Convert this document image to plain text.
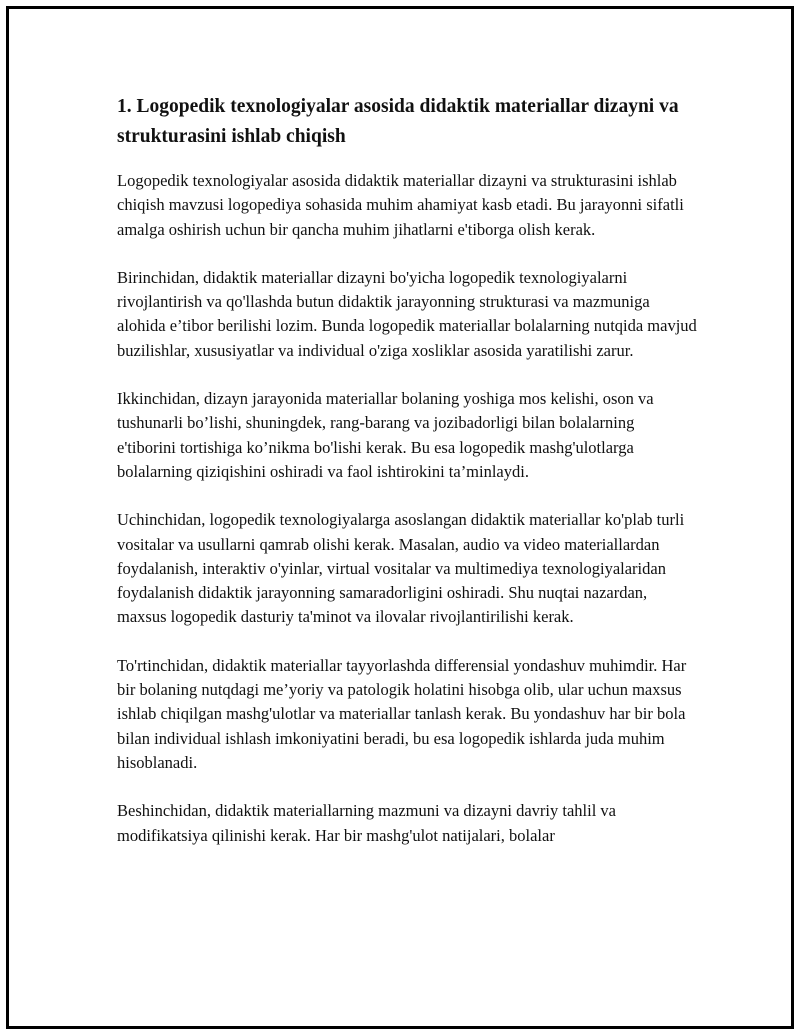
1. Logopedik texnologiyalar asosida didaktik materiallar dizayni va strukturasini ishlab chiqish

Logopedik texnologiyalar asosida didaktik materiallar dizayni va strukturasini ishlab chiqish mavzusi logopediya sohasida muhim ahamiyat kasb etadi. Bu jarayonni sifatli amalga oshirish uchun bir qancha muhim jihatlarni e'tiborga olish kerak.

Birinchidan, didaktik materiallar dizayni bo'yicha logopedik texnologiyalarni rivojlantirish va qo'llashda butun didaktik jarayonning strukturasi va mazmuniga alohida e’tibor berilishi lozim. Bunda logopedik materiallar bolalarning nutqida mavjud buzilishlar, xususiyatlar va individual o'ziga xosliklar asosida yaratilishi zarur.

Ikkinchidan, dizayn jarayonida materiallar bolaning yoshiga mos kelishi, oson va tushunarli bo’lishi, shuningdek, rang-barang va jozibadorligi bilan bolalarning e'tiborini tortishiga ko’nikma bo'lishi kerak. Bu esa logopedik mashg'ulotlarga bolalarning qiziqishini oshiradi va faol ishtirokini ta’minlaydi.

Uchinchidan, logopedik texnologiyalarga asoslangan didaktik materiallar ko'plab turli vositalar va usullarni qamrab olishi kerak. Masalan, audio va video materiallardan foydalanish, interaktiv o'yinlar, virtual vositalar va multimediya texnologiyalaridan foydalanish didaktik jarayonning samaradorligini oshiradi. Shu nuqtai nazardan, maxsus logopedik dasturiy ta'minot va ilovalar rivojlantirilishi kerak.

To'rtinchidan, didaktik materiallar tayyorlashda differensial yondashuv muhimdir. Har bir bolaning nutqdagi me’yoriy va patologik holatini hisobga olib, ular uchun maxsus ishlab chiqilgan mashg'ulotlar va materiallar tanlash kerak. Bu yondashuv har bir bola bilan individual ishlash imkoniyatini beradi, bu esa logopedik ishlarda juda muhim hisoblanadi.

Beshinchidan, didaktik materiallarning mazmuni va dizayni davriy tahlil va modifikatsiya qilinishi kerak. Har bir mashg'ulot natijalari, bolalar
